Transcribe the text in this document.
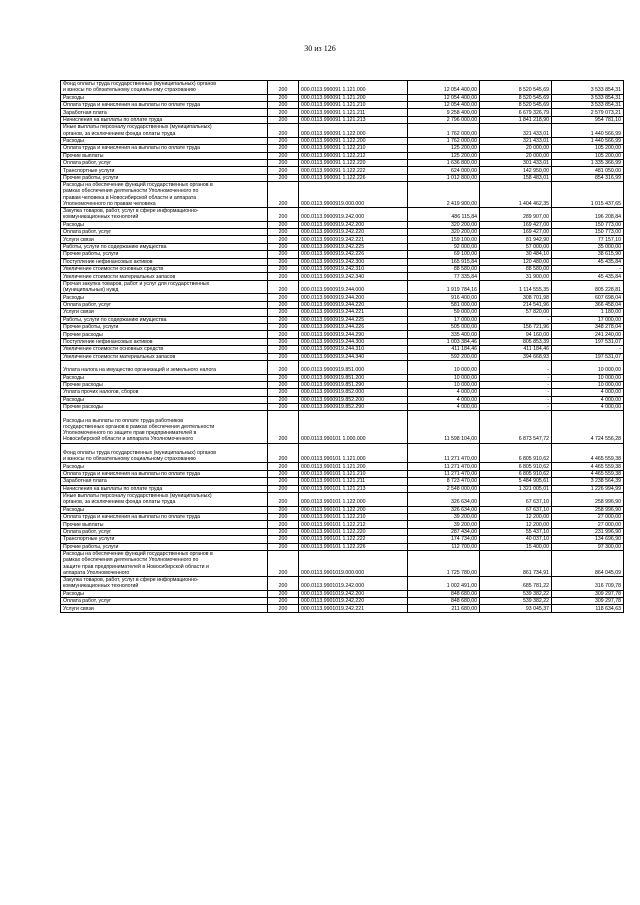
30 из 126
Фонд оплаты труда государственных (муниципальных) органов
и взносы по обязательному социальному страхованию	200	000.0113.990091 1.121.000	12 054 400,00	8 520 545,69	3 533 854,31
Расходы	200	000.0113.990091 1.121.200	12 054 400,00	8 520 545,69	3 533 854,31
Оплата труда и начисления на выплаты по оплате труда	200	000.0113.990091 1.121.210	12 054 400,00	8 520 545,69	3 533 854,31
Заработная плата	200	000.0113.990091 1.121.211	9 258 400,00	6 679 326,79	2 579 073,21
Начисления на выплаты по оплате труда	200	000.0113.990091 1.121.213	2 796 000,00	1 841 218,90	954 781,10
Иные выплаты персоналу государственных (муниципальных)
органов, за исключением фонда оплаты труда	200	000.0113.990091 1.122.000	1 762 000,00	321 433,01	1 440 566,99
Расходы	200	000.0113.990091 1.122.200	1 762 000,00	321 433,01	1 440 566,99
Оплата труда и начисления на выплаты по оплате труда	200	000.0113.990091 1.122.210	125 200,00	20 000,00	105 200,00
Прочие выплаты	200	000.0113.990091 1.122.212	125 200,00	20 000,00	105 200,00
Оплата работ, услуг	200	000.0113.990091 1.122.220	1 636 800,00	301 433,01	1 335 366,99
Транспортные услуги	200	000.0113.990091 1.122.222	624 000,00	142 950,00	481 050,00
Прочие работы, услуги	200	000.0113.990091 1.122.226	1 012 800,00	158 483,01	854 316,99
Расходы на обеспечение функций государственных органов в
рамках обеспечения деятельности Уполномоченного по
правам человека в Новосибирской области и аппарата
Уполномоченного по правам человека	200	000.0113.9900919.000.000	2 419 900,00	1 404 462,35	1 015 437,65
Закупка товаров, работ, услуг в сфере информационно-
коммуникационных технологий	200	000.0113.9900919.242.000	486 115,84	289 907,00	196 208,84
Расходы	200	000.0113.9900919.242.200	320 200,00	169 427,00	150 773,00
Оплата работ, услуг	200	000.0113.9900919.242.220	320 200,00	169 427,00	150 773,00
Услуги связи	200	000.0113.9900919.242.221	159 100,00	81 942,90	77 157,10
Работы, услуги по содержанию имущества	200	000.0113.9900919.242.225	92 000,00	57 000,00	35 000,00
Прочие работы, услуги	200	000.0113.9900919.242.226	69 100,00	30 484,10	38 615,90
Поступление нефинансовых активов	200	000.0113.9900919.242.300	165 915,84	120 480,00	45 435,84
Увеличение стоимости основных средств	200	000.0113.9900919.242.310	88 580,00	88 580,00	-
Увеличение стоимости материальных запасов	200	000.0113.9900919.242.340	77 335,84	31 900,00	45 435,84
Прочая закупка товаров, работ и услуг для государственных
(муниципальных) нужд	200	000.0113.9900919.244.000	1 919 784,16	1 114 555,35	805 228,81
Расходы	200	000.0113.9900919.244.200	916 400,00	308 701,98	607 698,04
Оплата работ, услуг	200	000.0113.9900919.244.220	581 000,00	214 541,96	366 458,04
Услуги связи	200	000.0113.9900919.244.221	59 000,00	57 820,00	1 180,00
Работы, услуги по содержанию имущества	200	000.0113.9900919.244.225	17 000,00	-	17 000,00
Прочие работы, услуги	200	000.0113.9900919.244.226	505 000,00	156 721,96	348 278,04
Прочие расходы	200	000.0113.9900919.244.290	335 400,00	94 160,00	241 240,00
Поступление нефинансовых активов	200	000.0113.9900919.244.300	1 003 384,46	805 853,39	197 531,07
Увеличение стоимости основных средств	200	000.0113.9900919.244.310	411 184,46	411 184,46	-
Увеличение стоимости материальных запасов	200	000.0113.9900919.244.340	592 200,00	394 668,93	197 531,07
Уплата налога на имущество организаций и земельного налога	200	000.0113.9900919.851.000	10 000,00	-	10 000,00
Расходы	200	000.0113.9900919.851.200	10 000,00	-	10 000,00
Прочие расходы	200	000.0113.9900919.851.290	10 000,00	-	10 000,00
Уплата прочих налогов, сборов	200	000.0113.9900919.852.000	4 000,00	-	4 000,00
Расходы	200	000.0113.9900919.852.200	4 000,00	-	4 000,00
Прочие расходы	200	000.0113.9900919.852.290	4 000,00	-	4 000,00

Расходы на выплаты по оплате труда работников
государственных органов в рамках обеспечения деятельности
Уполномоченного по защите прав предпринимателей в
Новосибирской области и аппарата Уполномоченного	200	000.0113.990101 1.000.000	11 598 104,00	6 873 547,72	4 724 556,28

Фонд оплаты труда государственных (муниципальных) органов
и взносы по обязательному социальному страхованию	200	000.0113.990101 1.121.000	11 271 470,00	6 805 910,62	4 465 559,38
Расходы	200	000.0113.990101 1.121.200	11 271 470,00	6 805 910,62	4 465 559,38
Оплата труда и начисления на выплаты по оплате труда	200	000.0113.990101 1.121.210	11 271 470,00	6 805 910,62	4 465 559,38
Заработная плата	200	000.0113.990101 1.121.211	8 723 470,00	5 484 905,61	3 238 564,39
Начисления на выплаты по оплате труда	200	000.0113.990101 1.121.213	2 548 000,00	1 321 005,01	1 226 994,99
Иные выплаты персоналу государственных (муниципальных)
органов, за исключением фонда оплаты труда	200	000.0113.990101 1.122.000	326 634,00	67 637,10	258 996,90
Расходы	200	000.0113.990101 1.122.200	326 634,00	67 637,10	258 996,90
Оплата труда и начисления на выплаты по оплате труда	200	000.0113.990101 1.122.210	39 200,00	12 200,00	27 000,00
Прочие выплаты	200	000.0113.990101 1.122.212	39 200,00	12 200,00	27 000,00
Оплата работ, услуг	200	000.0113.990101 1.122.220	287 434,00	55 437,10	231 996,90
Транспортные услуги	200	000.0113.990101 1.122.222	174 734,00	40 037,10	134 696,90
Прочие работы, услуги	200	000.0113.990101 1.122.226	112 700,00	15 400,00	97 300,00
Расходы на обеспечение функций государственных органов в
рамках обеспечения деятельности Уполномоченного по
защите прав предпринимателей в Новосибирской области и
аппарата Уполномоченного	200	000.0113.9901019.000.000	1 725 780,00	861 734,91	864 045,09
Закупка товаров, работ, услуг в сфере информационно-
коммуникационных технологий	200	000.0113.9901019.242.000	1 002 491,00	685 781,22	316 709,78
Расходы	200	000.0113.9901019.242.200	848 680,00	539 382,22	309 297,78
Оплата работ, услуг	200	000.0113.9901019.242.220	848 680,00	539 382,22	309 297,78
Услуги связи	200	000.0113.9901019.242.221	211 680,00	93 045,37	118 634,63
